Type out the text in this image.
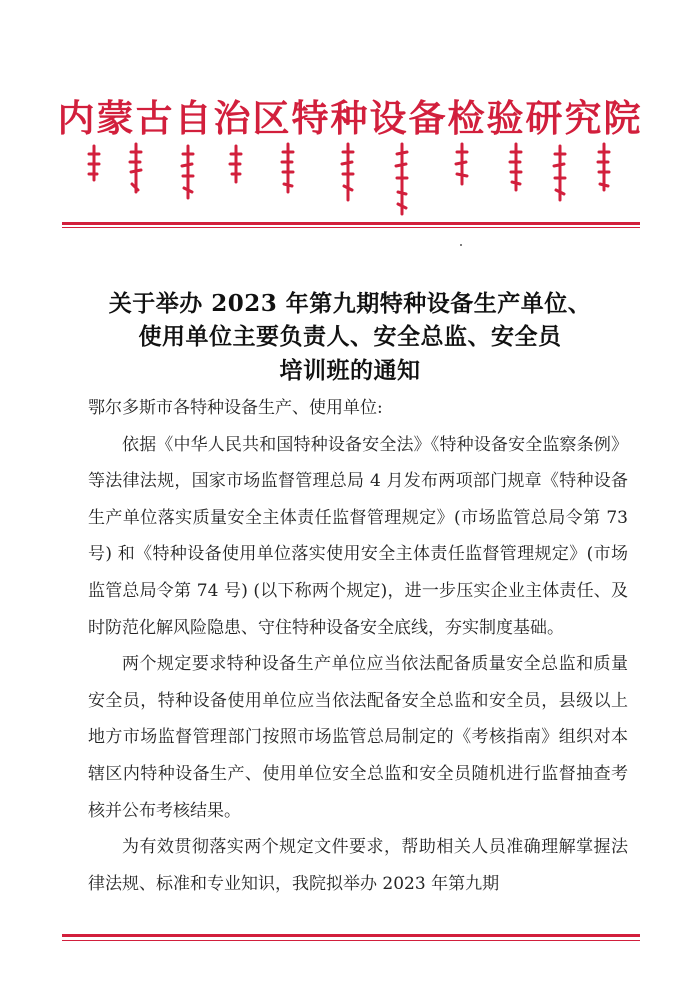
内蒙古自治区特种设备检验研究院
关于举办 2023 年第九期特种设备生产单位、
使用单位主要负责人、安全总监、安全员
培训班的通知

鄂尔多斯市各特种设备生产、使用单位:

依据《中华人民共和国特种设备安全法》《特种设备安全监察条例》等法律法规，国家市场监督管理总局 4 月发布两项部门规章《特种设备生产单位落实质量安全主体责任监督管理规定》(市场监管总局令第 73 号) 和《特种设备使用单位落实使用安全主体责任监督管理规定》(市场监管总局令第 74 号) (以下称两个规定)，进一步压实企业主体责任、及时防范化解风险隐患、守住特种设备安全底线，夯实制度基础。

两个规定要求特种设备生产单位应当依法配备质量安全总监和质量安全员，特种设备使用单位应当依法配备安全总监和安全员，县级以上地方市场监督管理部门按照市场监管总局制定的《考核指南》组织对本辖区内特种设备生产、使用单位安全总监和安全员随机进行监督抽查考核并公布考核结果。

为有效贯彻落实两个规定文件要求，帮助相关人员准确理解掌握法律法规、标准和专业知识，我院拟举办 2023 年第九期
